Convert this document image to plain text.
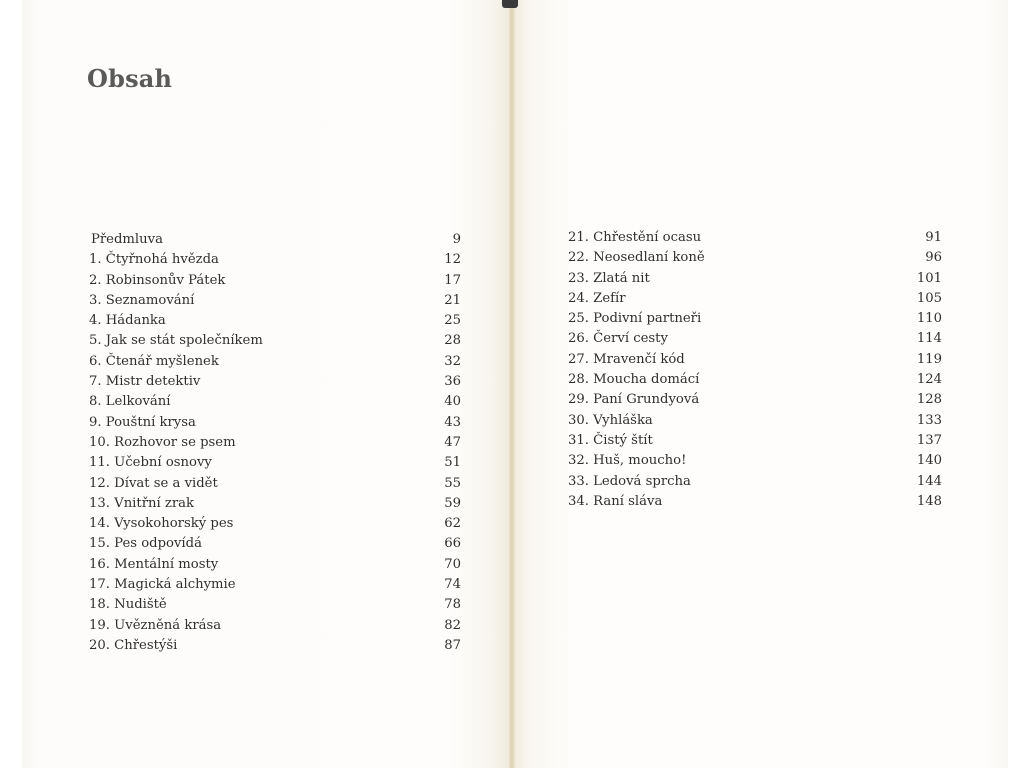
Obsah
Předmluva	9
1. Čtyřnohá hvězda	12
2. Robinsonův Pátek	17
3. Seznamování	21
4. Hádanka	25
5. Jak se stát společníkem	28
6. Čtenář myšlenek	32
7. Mistr detektiv	36
8. Lelkování	40
9. Pouštní krysa	43
10. Rozhovor se psem	47
11. Učební osnovy	51
12. Dívat se a vidět	55
13. Vnitřní zrak	59
14. Vysokohorský pes	62
15. Pes odpovídá	66
16. Mentální mosty	70
17. Magická alchymie	74
18. Nudiště	78
19. Uvězněná krása	82
20. Chřestýši	87
21. Chřestění ocasu	91
22. Neosedlaní koně	96
23. Zlatá nit	101
24. Zefír	105
25. Podivní partneři	110
26. Červí cesty	114
27. Mravenčí kód	119
28. Moucha domácí	124
29. Paní Grundyová	128
30. Vyhláška	133
31. Čistý štít	137
32. Huš, moucho!	140
33. Ledová sprcha	144
34. Raní sláva	148
